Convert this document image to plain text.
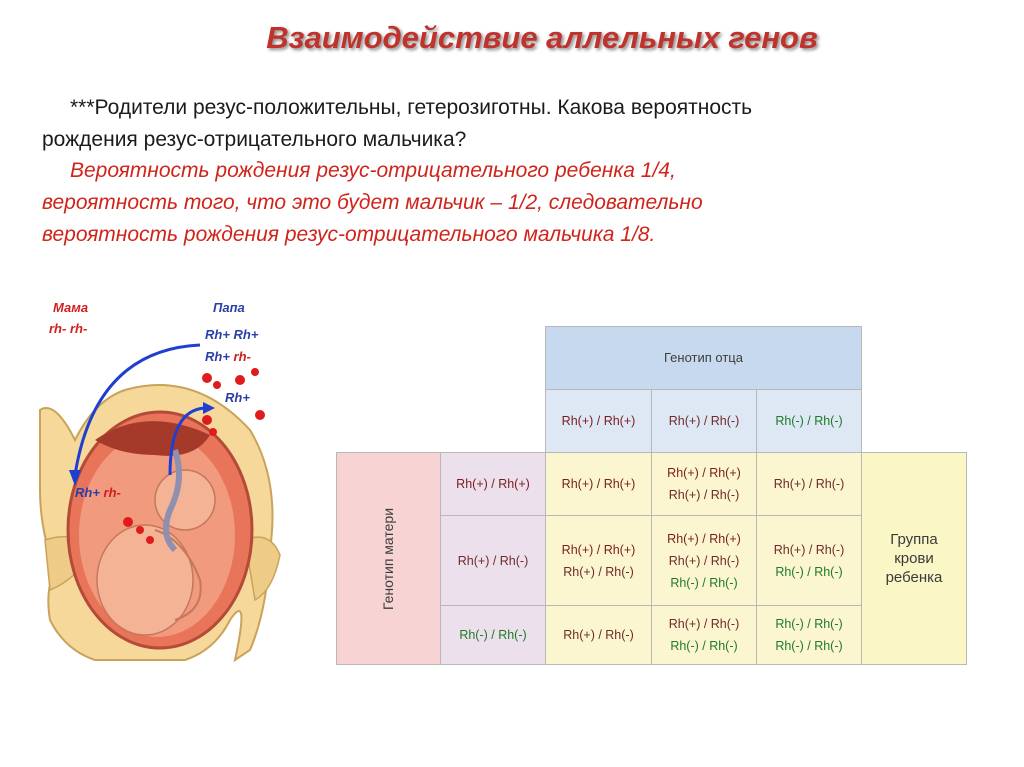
Взаимодействие аллельных генов
***Родители резус-положительны, гетерозиготны. Какова вероятность
рождения резус-отрицательного мальчика?
Вероятность рождения резус-отрицательного ребенка 1/4,
вероятность того, что это будет мальчик – 1/2, следовательно
вероятность рождения резус-отрицательного мальчика 1/8.
Мама
rh- rh-
Папа
Rh+ Rh+
Rh+ rh-
Rh+
Rh+ rh-
Генотип отца
Rh(+) / Rh(+)	Rh(+) / Rh(-)	Rh(-) / Rh(-)
Генотип матери
Rh(+) / Rh(+)
Rh(+) / Rh(-)
Rh(-) / Rh(-)
Rh(+) / Rh(+)
Rh(+) / Rh(+)
Rh(+) / Rh(-)
Rh(+) / Rh(-)
Rh(+) / Rh(+)
Rh(+) / Rh(-)
Rh(+) / Rh(+)
Rh(+) / Rh(-)
Rh(-) / Rh(-)
Rh(+) / Rh(-)
Rh(-) / Rh(-)
Rh(+) / Rh(-)
Rh(+) / Rh(-)
Rh(-) / Rh(-)
Rh(-) / Rh(-)
Rh(-) / Rh(-)
Группа крови ребенка
